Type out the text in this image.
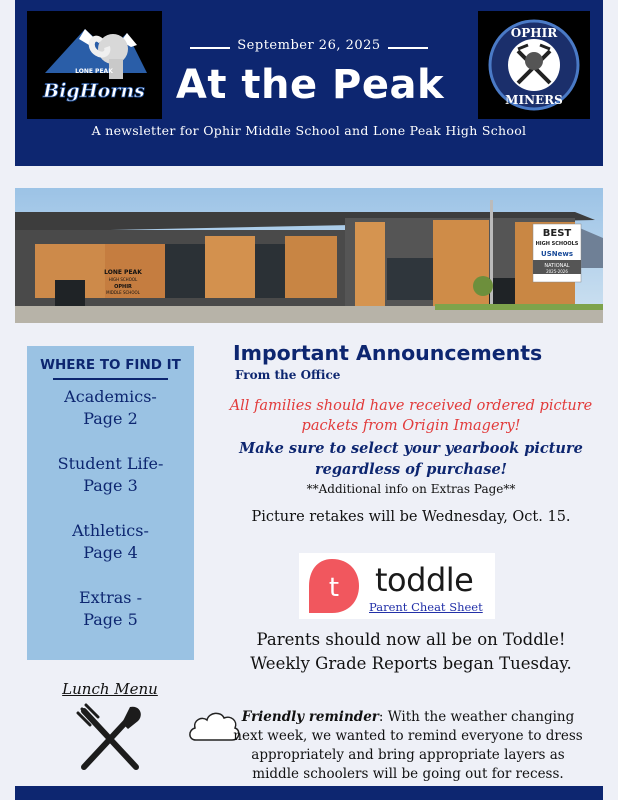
LONE PEAK
BigHorns
OPHIR
MINERS
September 26, 2025
At the Peak
A newsletter for Ophir Middle School and Lone Peak High School
LONE PEAK
HIGH SCHOOL
OPHIR
MIDDLE SCHOOL
BEST
HIGH SCHOOLS
USNews
NATIONAL
2025-2026
WHERE TO FIND IT
Academics-
Page 2
Student Life-
Page 3
Athletics-
Page 4
Extras -
Page 5
Lunch Menu
Important Announcements
From the Office
All families should have received ordered picture packets from Origin Imagery!
Make sure to select your yearbook picture regardless of purchase!
**Additional info on Extras Page**
Picture retakes will be Wednesday, Oct. 15.
t toddle
Parent Cheat Sheet
Parents should now all be on Toddle! Weekly Grade Reports began Tuesday.
Friendly reminder: With the weather changing next week, we wanted to remind everyone to dress appropriately and bring appropriate layers as middle schoolers will be going out for recess.
